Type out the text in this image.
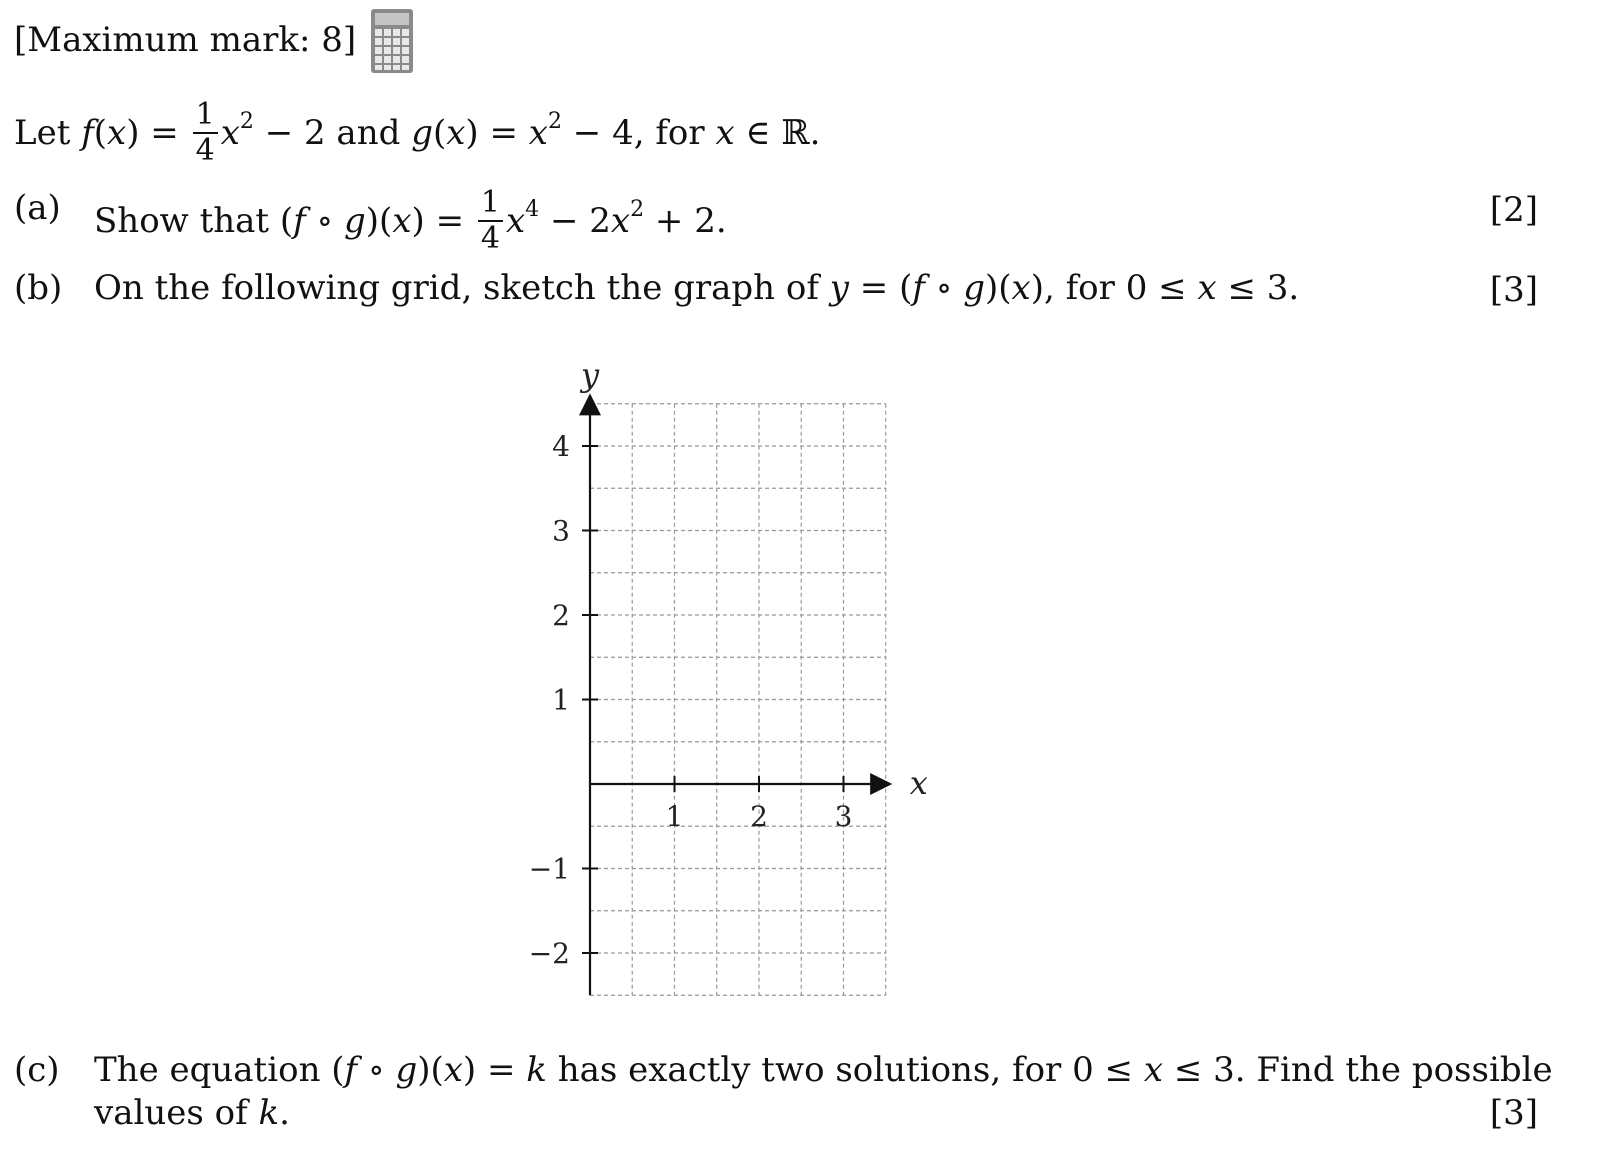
[Maximum mark: 8]
Let $f(x) = \frac{1}{4} x^2 - 2$ and $g(x) = x^2 - 4$, for x ∈ ℝ.
(a) Show that (f ∘ $g)(x) = \frac{1}{4} x^4 - 2x^2 + 2$.	[2]
(b) On the following grid, sketch the graph of y = (f ∘ g)(x), for 0 ≤ x ≤ 3.	[3]
1 2 3
4
3
2
1
−1
−2
x
y
(c) The equation (f ∘ g)(x) = k has exactly two solutions, for 0 ≤ x ≤ 3. Find the possible
values of k.	[3]
